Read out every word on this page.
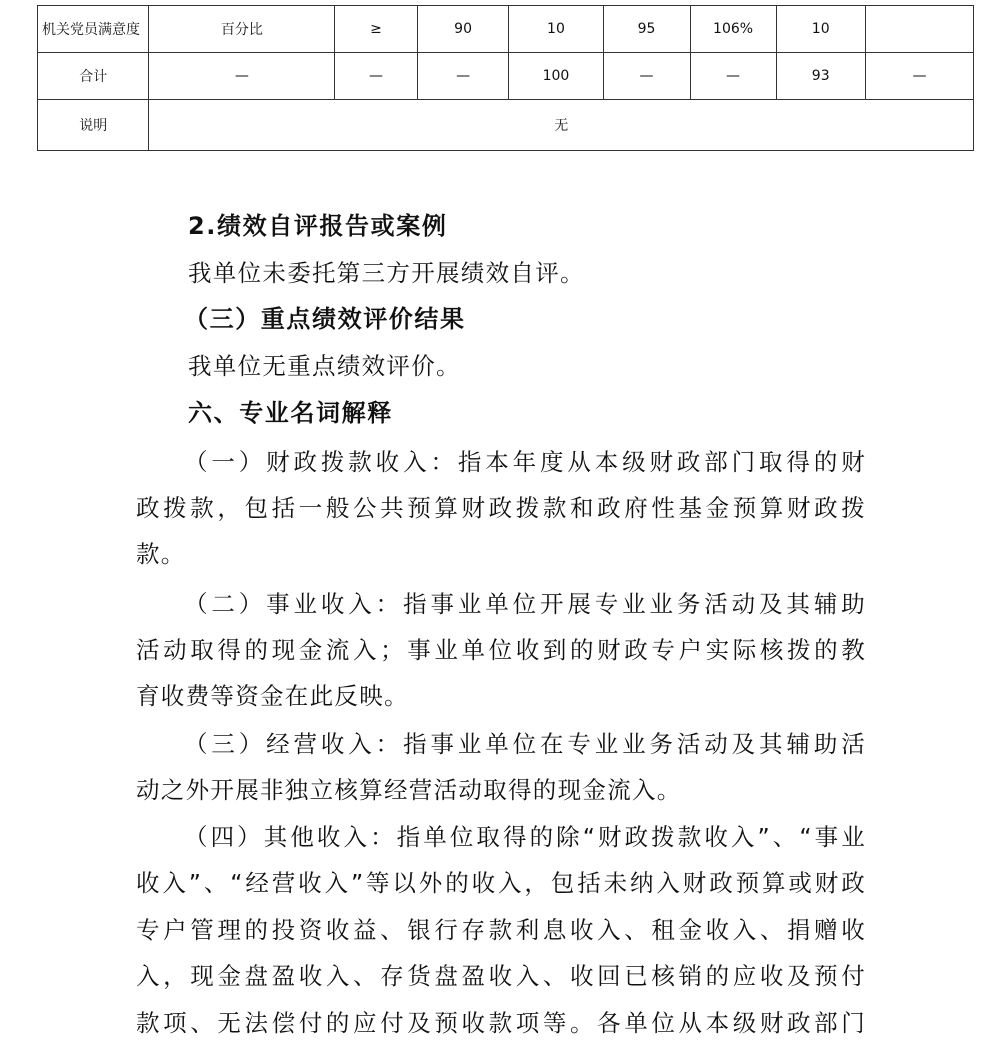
机关党员满意度	百分比	≥	90	10	95	106%	10	
合计	—	—	—	100	—	—	93	—
说明	无							
2.绩效自评报告或案例
我单位未委托第三方开展绩效自评。
（三）重点绩效评价结果
我单位无重点绩效评价。
六、专业名词解释
（一）财政拨款收入：指本年度从本级财政部门取得的财
政拨款，包括一般公共预算财政拨款和政府性基金预算财政拨
款。
（二）事业收入：指事业单位开展专业业务活动及其辅助
活动取得的现金流入；事业单位收到的财政专户实际核拨的教
育收费等资金在此反映。
（三）经营收入：指事业单位在专业业务活动及其辅助活
动之外开展非独立核算经营活动取得的现金流入。
（四）其他收入：指单位取得的除“财政拨款收入”、“事业
收入”、“经营收入”等以外的收入，包括未纳入财政预算或财政
专户管理的投资收益、银行存款利息收入、租金收入、捐赠收
入，现金盘盈收入、存货盘盈收入、收回已核销的应收及预付
款项、无法偿付的应付及预收款项等。各单位从本级财政部门
